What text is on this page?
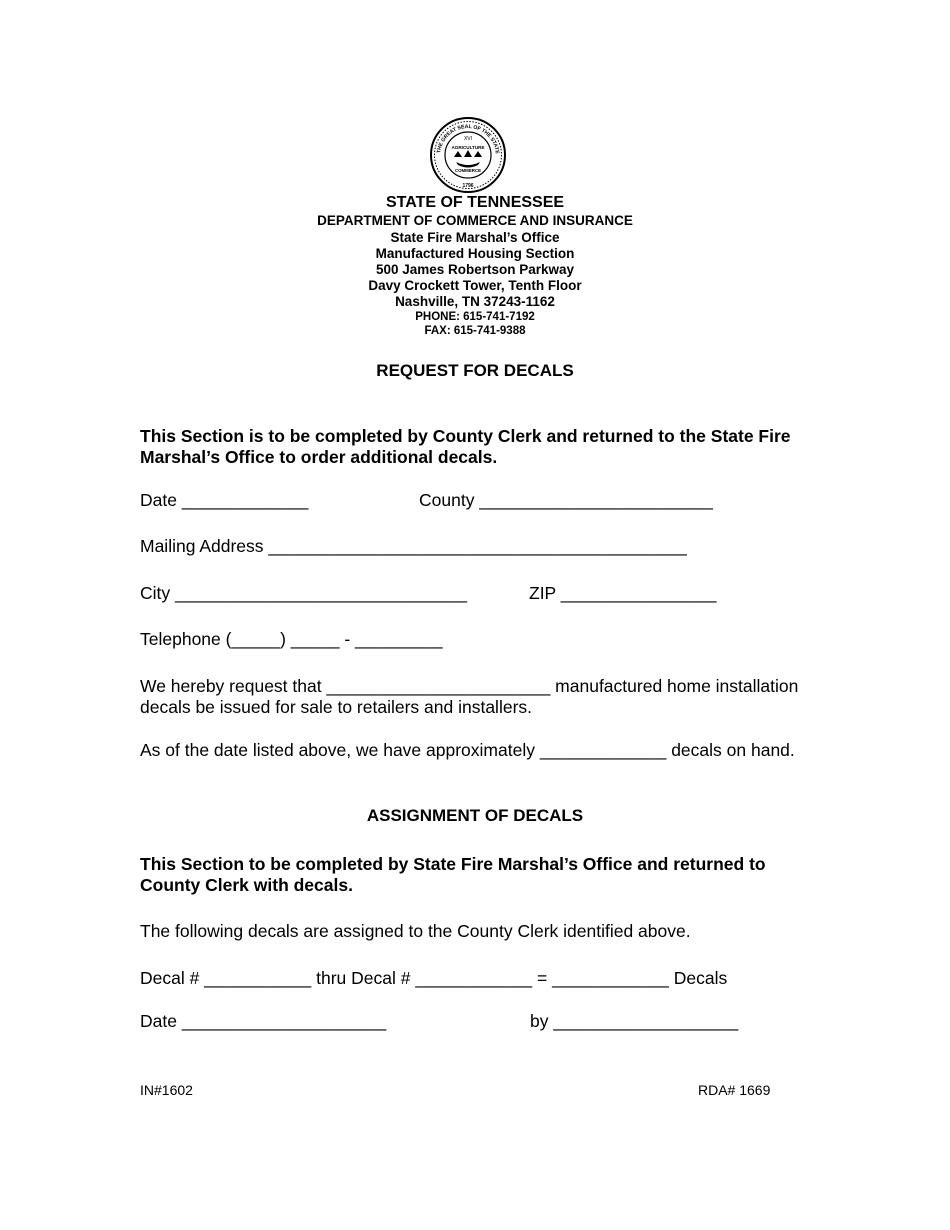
THE GREAT SEAL OF THE STATE
XVI
AGRICULTURE
COMMERCE
1796
STATE OF TENNESSEE
DEPARTMENT OF COMMERCE AND INSURANCE
State Fire Marshal’s Office
Manufactured Housing Section
500 James Robertson Parkway
Davy Crockett Tower, Tenth Floor
Nashville, TN 37243-1162
PHONE: 615-741-7192
FAX: 615-741-9388
REQUEST FOR DECALS
This Section is to be completed by County Clerk and returned to the State Fire Marshal’s Office to order additional decals.
Date _____________	County ________________________
Mailing Address ___________________________________________
City ______________________________	ZIP ________________
Telephone (_____) _____ - _________
We hereby request that _______________________ manufactured home installation decals be issued for sale to retailers and installers.
As of the date listed above, we have approximately _____________ decals on hand.
ASSIGNMENT OF DECALS
This Section to be completed by State Fire Marshal’s Office and returned to County Clerk with decals.
The following decals are assigned to the County Clerk identified above.
Decal # ___________ thru Decal # ____________ = ____________ Decals
Date _____________________	by ___________________
IN#1602	RDA# 1669
